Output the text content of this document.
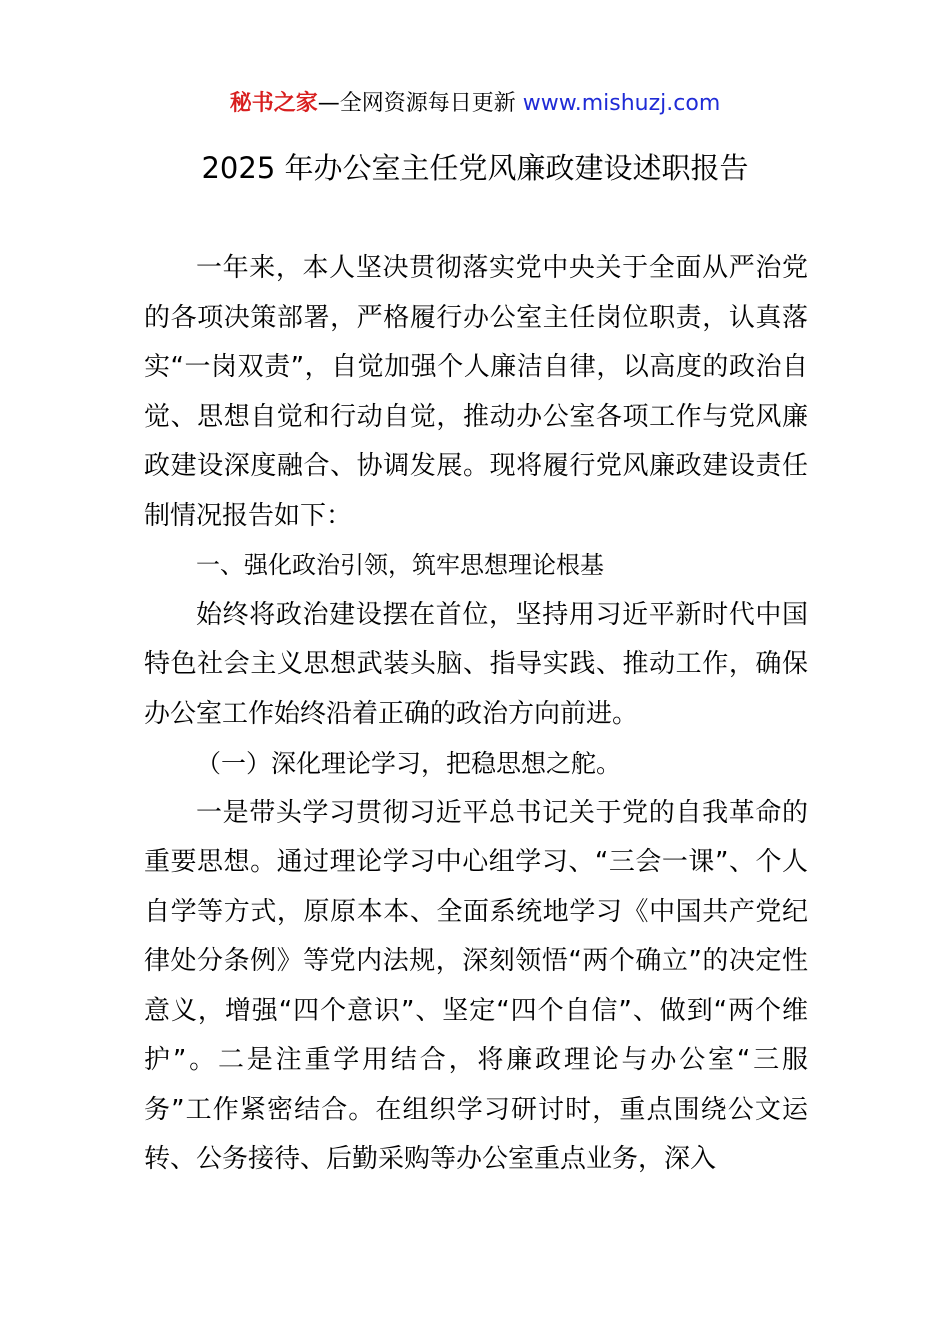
秘书之家—全网资源每日更新 www.mishuzj.com
2025 年办公室主任党风廉政建设述职报告

一年来，本人坚决贯彻落实党中央关于全面从严治党的各项决策部署，严格履行办公室主任岗位职责，认真落实“一岗双责”，自觉加强个人廉洁自律，以高度的政治自觉、思想自觉和行动自觉，推动办公室各项工作与党风廉政建设深度融合、协调发展。现将履行党风廉政建设责任制情况报告如下：

一、强化政治引领，筑牢思想理论根基

始终将政治建设摆在首位，坚持用习近平新时代中国特色社会主义思想武装头脑、指导实践、推动工作，确保办公室工作始终沿着正确的政治方向前进。

（一）深化理论学习，把稳思想之舵。

一是带头学习贯彻习近平总书记关于党的自我革命的重要思想。通过理论学习中心组学习、“三会一课”、个人自学等方式，原原本本、全面系统地学习《中国共产党纪律处分条例》等党内法规，深刻领悟“两个确立”的决定性意义，增强“四个意识”、坚定“四个自信”、做到“两个维护”。二是注重学用结合，将廉政理论与办公室“三服务”工作紧密结合。在组织学习研讨时，重点围绕公文运转、公务接待、后勤采购等办公室重点业务，深入
